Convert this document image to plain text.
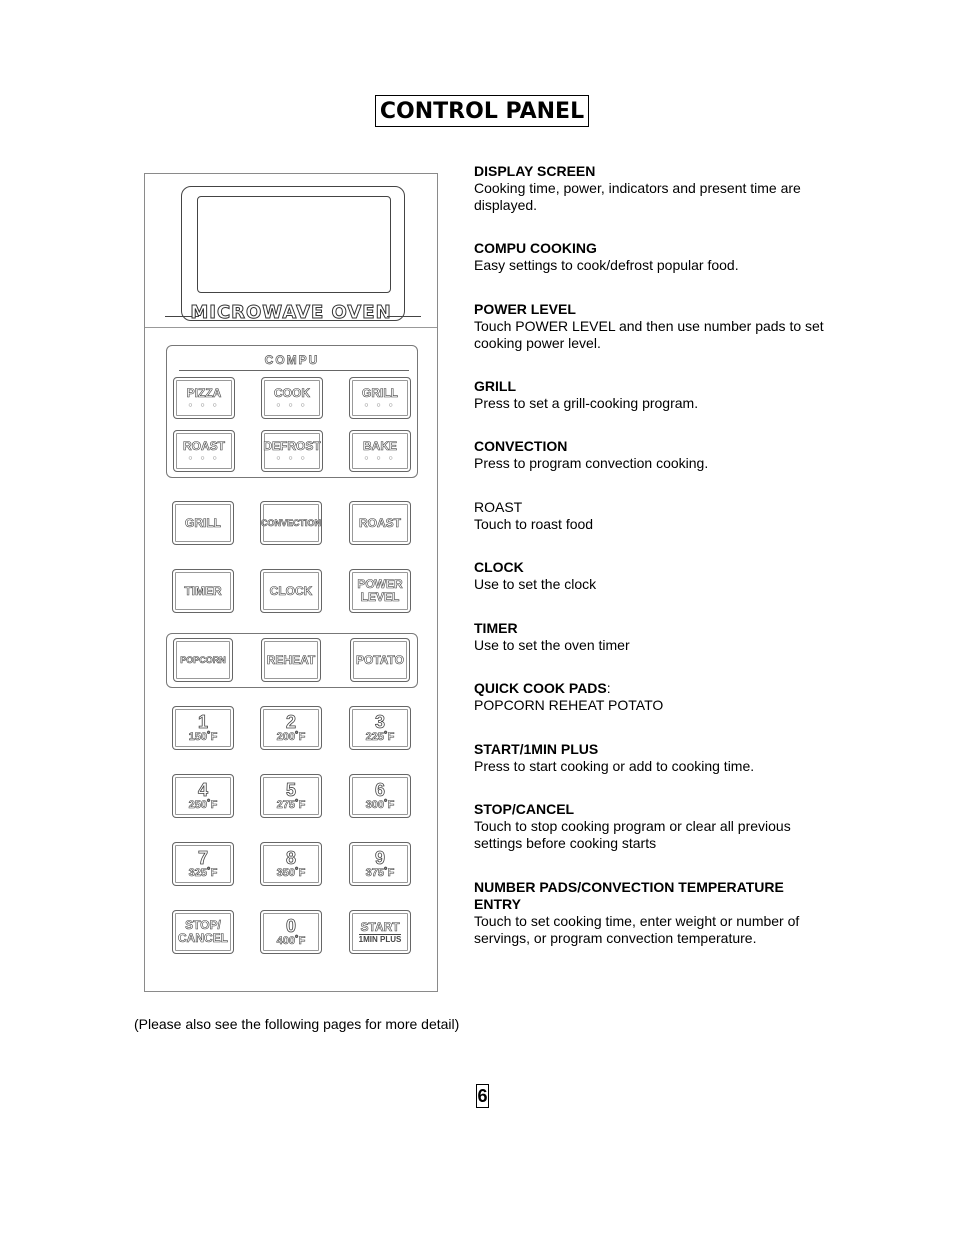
CONTROL PANEL
MICROWAVE OVEN
COMPU
PIZZA
○ ○ ○
COOK
○ ○ ○
GRILL
○ ○ ○
ROAST
○ ○ ○
DEFROST
○ ○ ○
BAKE
○ ○ ○
GRILL	CONVECTION	ROAST
TIMER	CLOCK	POWER
LEVEL
POPCORN	REHEAT	POTATO
1
150˚F
2
200˚F
3
225˚F
4
250˚F
5
275˚F
6
300˚F
7
325˚F
8
350˚F
9
375˚F
STOP/
CANCEL
0
400˚F
START
1MIN PLUS
DISPLAY SCREEN
Cooking time, power, indicators and present time are displayed.
COMPU COOKING
Easy settings to cook/defrost popular food.
POWER LEVEL
Touch POWER LEVEL and then use number pads to set cooking power level.
GRILL
Press to set a grill-cooking program.
CONVECTION
Press to program convection cooking.
ROAST
Touch to roast food
CLOCK
Use to set the clock
TIMER
Use to set the oven timer
QUICK COOK PADS:
POPCORN REHEAT POTATO
START/1MIN PLUS
Press to start cooking or add to cooking time.
STOP/CANCEL
Touch to stop cooking program or clear all previous settings before cooking starts
NUMBER PADS/CONVECTION TEMPERATURE ENTRY
Touch to set cooking time, enter weight or number of servings, or program convection temperature.
(Please also see the following pages for more detail)
6
